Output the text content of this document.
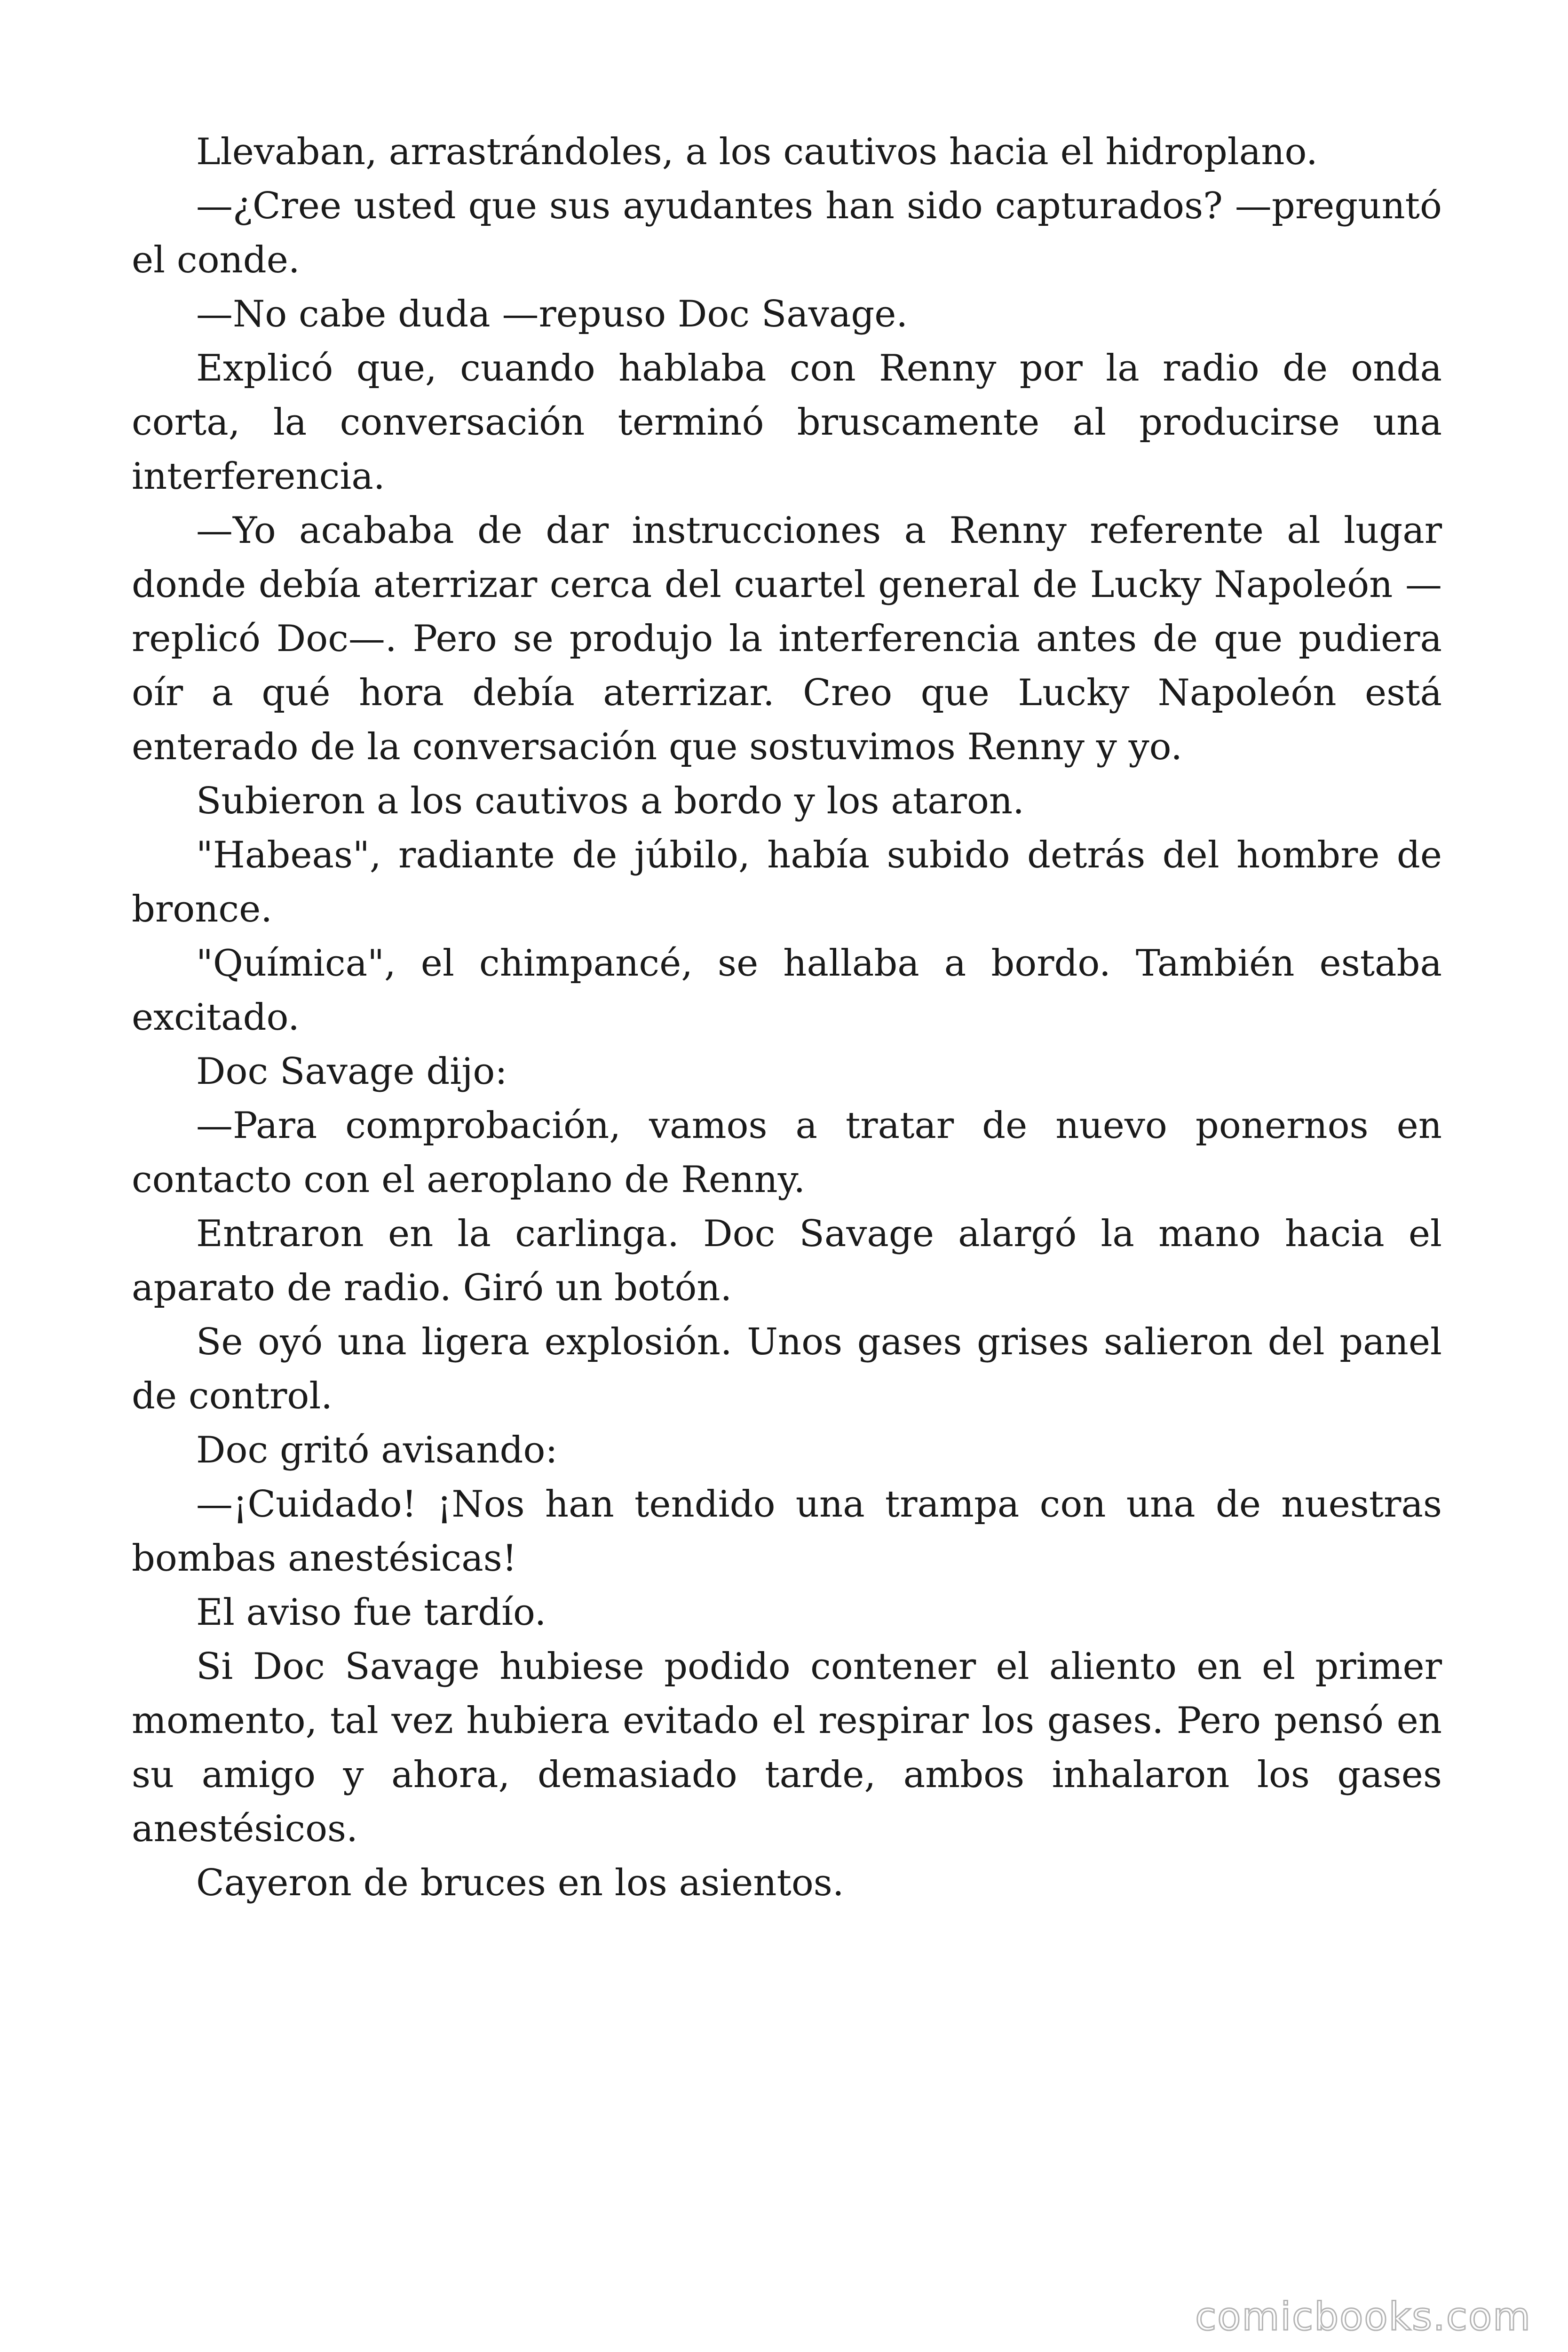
Llevaban, arrastrándoles, a los cautivos hacia el hidroplano.

—¿Cree usted que sus ayudantes han sido capturados? —preguntó el conde.

—No cabe duda —repuso Doc Savage.

Explicó que, cuando hablaba con Renny por la radio de onda corta, la conversación terminó bruscamente al producirse una interferencia.

—Yo acababa de dar instrucciones a Renny referente al lugar donde debía aterrizar cerca del cuartel general de Lucky Napoleón —replicó Doc—. Pero se produjo la interferencia antes de que pudiera oír a qué hora debía aterrizar. Creo que Lucky Napoleón está enterado de la conversación que sostuvimos Renny y yo.

Subieron a los cautivos a bordo y los ataron.

"Habeas", radiante de júbilo, había subido detrás del hombre de bronce.

"Química", el chimpancé, se hallaba a bordo. También estaba excitado.

Doc Savage dijo:

—Para comprobación, vamos a tratar de nuevo ponernos en contacto con el aeroplano de Renny.

Entraron en la carlinga. Doc Savage alargó la mano hacia el aparato de radio. Giró un botón.

Se oyó una ligera explosión. Unos gases grises salieron del panel de control.

Doc gritó avisando:

—¡Cuidado! ¡Nos han tendido una trampa con una de nuestras bombas anestésicas!

El aviso fue tardío.

Si Doc Savage hubiese podido contener el aliento en el primer momento, tal vez hubiera evitado el respirar los gases. Pero pensó en su amigo y ahora, demasiado tarde, ambos inhalaron los gases anestésicos.

Cayeron de bruces en los asientos.

comicbooks.com
